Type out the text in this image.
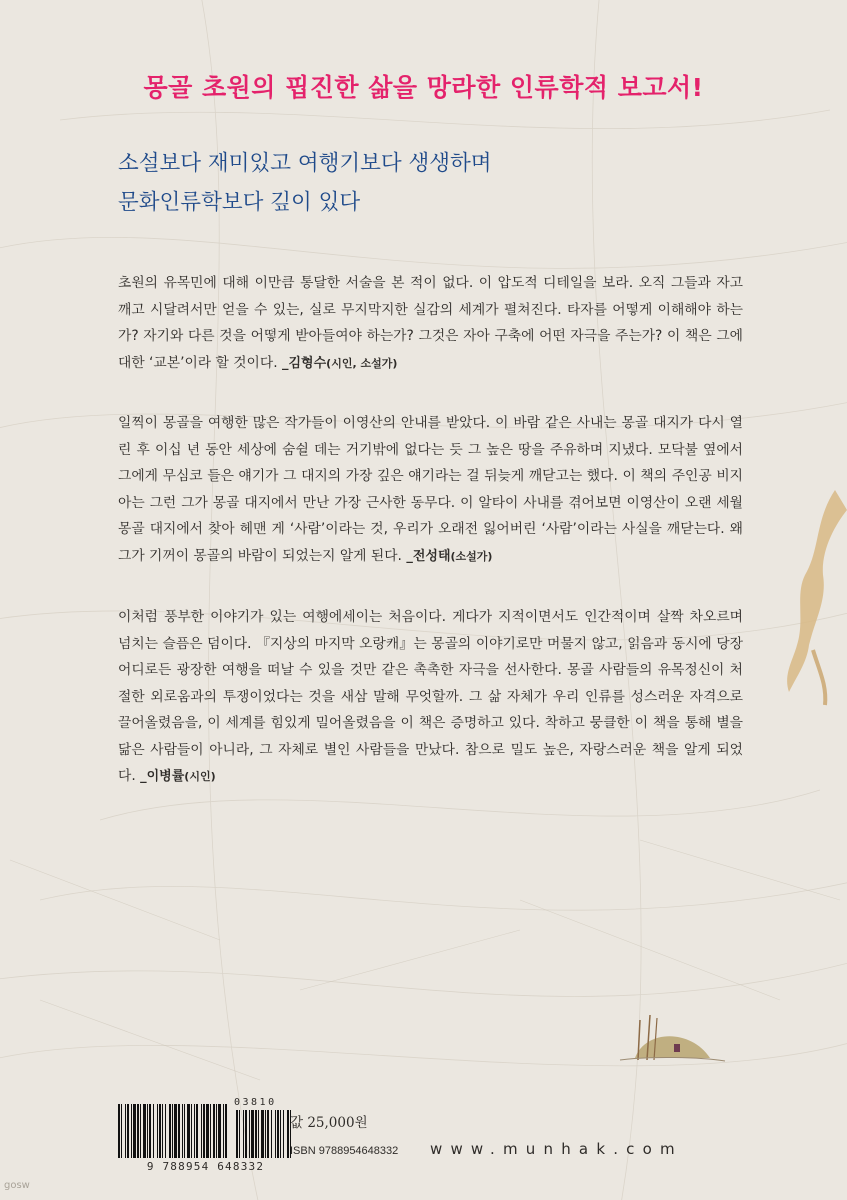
몽골 초원의 핍진한 삶을 망라한 인류학적 보고서!
소설보다 재미있고 여행기보다 생생하며
문화인류학보다 깊이 있다
초원의 유목민에 대해 이만큼 통달한 서술을 본 적이 없다. 이 압도적 디테일을 보라. 오직 그들과 자고 깨고 시달려서만 얻을 수 있는, 실로 무지막지한 실감의 세계가 펼쳐진다. 타자를 어떻게 이해해야 하는가? 자기와 다른 것을 어떻게 받아들여야 하는가? 그것은 자아 구축에 어떤 자극을 주는가? 이 책은 그에 대한 ‘교본’이라 할 것이다. _김형수(시인, 소설가)
일찍이 몽골을 여행한 많은 작가들이 이영산의 안내를 받았다. 이 바람 같은 사내는 몽골 대지가 다시 열린 후 이십 년 동안 세상에 숨쉴 데는 거기밖에 없다는 듯 그 높은 땅을 주유하며 지냈다. 모닥불 옆에서 그에게 무심코 들은 얘기가 그 대지의 가장 깊은 얘기라는 걸 뒤늦게 깨닫고는 했다. 이 책의 주인공 비지아는 그런 그가 몽골 대지에서 만난 가장 근사한 동무다. 이 알타이 사내를 겪어보면 이영산이 오랜 세월 몽골 대지에서 찾아 헤맨 게 ‘사람’이라는 것, 우리가 오래전 잃어버린 ‘사람’이라는 사실을 깨닫는다. 왜 그가 기꺼이 몽골의 바람이 되었는지 알게 된다. _전성태(소설가)
이처럼 풍부한 이야기가 있는 여행에세이는 처음이다. 게다가 지적이면서도 인간적이며 살짝 차오르며 넘치는 슬픔은 덤이다. 『지상의 마지막 오랑캐』는 몽골의 이야기로만 머물지 않고, 읽음과 동시에 당장 어디로든 광장한 여행을 떠날 수 있을 것만 같은 촉촉한 자극을 선사한다. 몽골 사람들의 유목정신이 처절한 외로움과의 투쟁이었다는 것을 새삼 말해 무엇할까. 그 삶 자체가 우리 인류를 성스러운 자격으로 끌어올렸음을, 이 세계를 힘있게 밀어올렸음을 이 책은 증명하고 있다. 착하고 뭉클한 이 책을 통해 별을 닮은 사람들이 아니라, 그 자체로 별인 사람들을 만났다. 참으로 밀도 높은, 자랑스러운 책을 알게 되었다. _이병률(시인)
03810
9 788954 648332
값 25,000원
ISBN 9788954648332 www.munhak.com
gosw
